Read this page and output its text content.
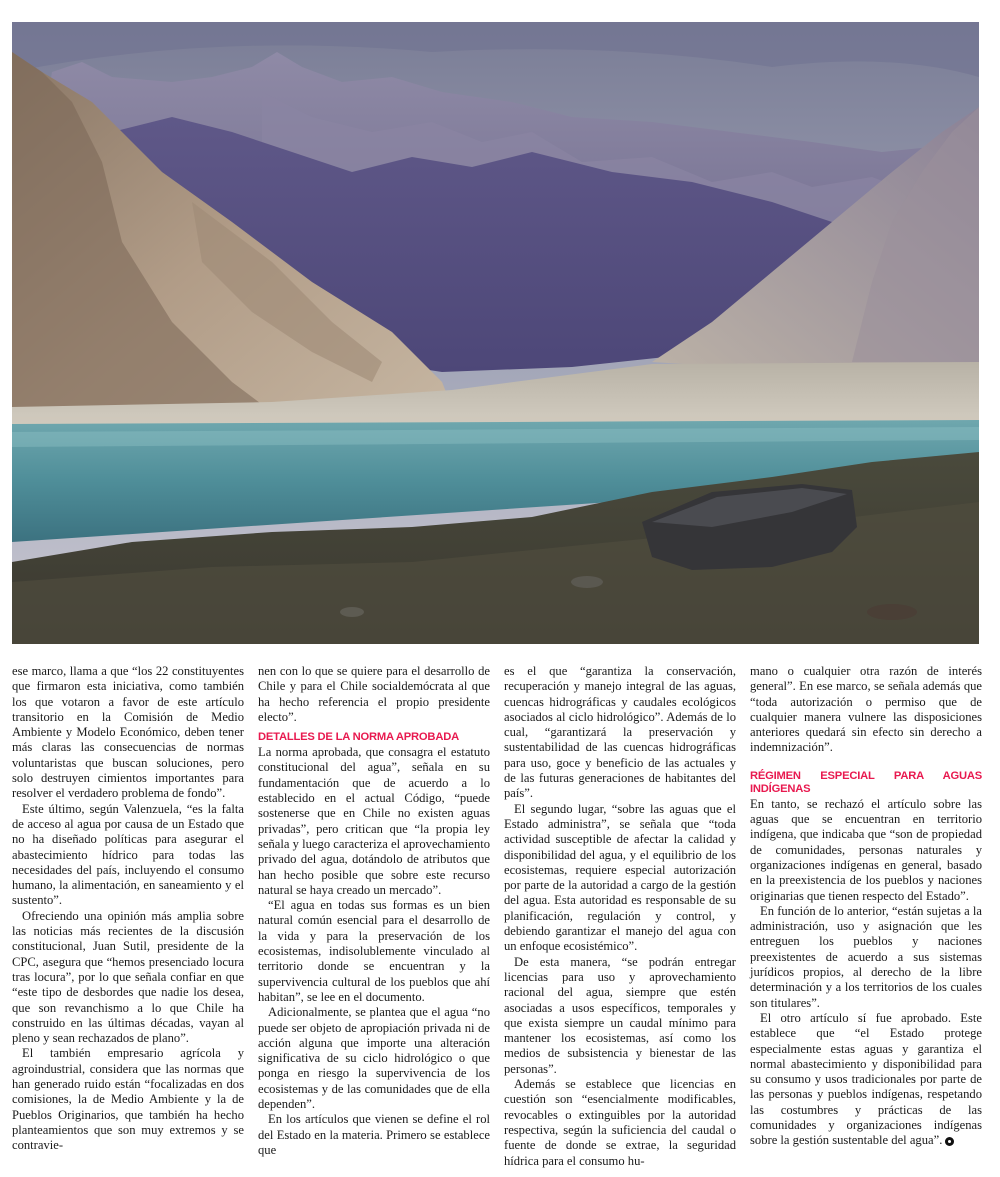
ese marco, llama a que “los 22 constituyentes que firmaron esta iniciativa, como también los que votaron a favor de este artículo transitorio en la Comisión de Medio Ambiente y Modelo Económico, deben tener más claras las consecuencias de normas voluntaristas que buscan soluciones, pero solo destruyen cimientos importantes para resolver el verdadero problema de fondo”.

Este último, según Valenzuela, “es la falta de acceso al agua por causa de un Estado que no ha diseñado políticas para asegurar el abastecimiento hídrico para todas las necesidades del país, incluyendo el consumo humano, la alimentación, en saneamiento y el sustento”.

Ofreciendo una opinión más amplia sobre las noticias más recientes de la discusión constitucional, Juan Sutil, presidente de la CPC, asegura que “hemos presenciado locura tras locura”, por lo que señala confiar en que “este tipo de desbordes que nadie los desea, que son revanchismo a lo que Chile ha construido en las últimas décadas, vayan al pleno y sean rechazados de plano”.

El también empresario agrícola y agroindustrial, considera que las normas que han generado ruido están “focalizadas en dos comisiones, la de Medio Ambiente y la de Pueblos Originarios, que también ha hecho planteamientos que son muy extremos y se contravie-

nen con lo que se quiere para el desarrollo de Chile y para el Chile socialdemócrata al que ha hecho referencia el propio presidente electo”.

DETALLES DE LA NORMA APROBADA

La norma aprobada, que consagra el estatuto constitucional del agua”, señala en su fundamentación que de acuerdo a lo establecido en el actual Código, “puede sostenerse que en Chile no existen aguas privadas”, pero critican que “la propia ley señala y luego caracteriza el aprovechamiento privado del agua, dotándolo de atributos que han hecho posible que sobre este recurso natural se haya creado un mercado”.

“El agua en todas sus formas es un bien natural común esencial para el desarrollo de la vida y para la preservación de los ecosistemas, indisolublemente vinculado al territorio donde se encuentran y la supervivencia cultural de los pueblos que ahí habitan”, se lee en el documento.

Adicionalmente, se plantea que el agua “no puede ser objeto de apropiación privada ni de acción alguna que importe una alteración significativa de su ciclo hidrológico o que ponga en riesgo la supervivencia de los ecosistemas y de las comunidades que de ella dependen”.

En los artículos que vienen se define el rol del Estado en la materia. Primero se establece que

es el que “garantiza la conservación, recuperación y manejo integral de las aguas, cuencas hidrográficas y caudales ecológicos asociados al ciclo hidrológico”. Además de lo cual, “garantizará la preservación y sustentabilidad de las cuencas hidrográficas para uso, goce y beneficio de las actuales y de las futuras generaciones de habitantes del país”.

El segundo lugar, “sobre las aguas que el Estado administra”, se señala que “toda actividad susceptible de afectar la calidad y disponibilidad del agua, y el equilibrio de los ecosistemas, requiere especial autorización por parte de la autoridad a cargo de la gestión del agua. Esta autoridad es responsable de su planificación, regulación y control, y debiendo garantizar el manejo del agua con un enfoque ecosistémico”.

De esta manera, “se podrán entregar licencias para uso y aprovechamiento racional del agua, siempre que estén asociadas a usos específicos, temporales y que exista siempre un caudal mínimo para mantener los ecosistemas, así como los medios de subsistencia y bienestar de las personas”.

Además se establece que licencias en cuestión son “esencialmente modificables, revocables o extinguibles por la autoridad respectiva, según la suficiencia del caudal o fuente de donde se extrae, la seguridad hídrica para el consumo hu-

mano o cualquier otra razón de interés general”. En ese marco, se señala además que “toda autorización o permiso que de cualquier manera vulnere las disposiciones anteriores quedará sin efecto sin derecho a indemnización”.

RÉGIMEN ESPECIAL PARA AGUAS INDÍGENAS

En tanto, se rechazó el artículo sobre las aguas que se encuentran en territorio indígena, que indicaba que “son de propiedad de comunidades, personas naturales y organizaciones indígenas en general, basado en la preexistencia de los pueblos y naciones originarias que tienen respecto del Estado”.

En función de lo anterior, “están sujetas a la administración, uso y asignación que les entreguen los pueblos y naciones preexistentes de acuerdo a sus sistemas jurídicos propios, al derecho de la libre determinación y a los territorios de los cuales son titulares”.

El otro artículo sí fue aprobado. Este establece que “el Estado protege especialmente estas aguas y garantiza el normal abastecimiento y disponibilidad para su consumo y usos tradicionales por parte de las personas y pueblos indígenas, respetando las costumbres y prácticas de las comunidades y organizaciones indígenas sobre la gestión sustentable del agua”.
